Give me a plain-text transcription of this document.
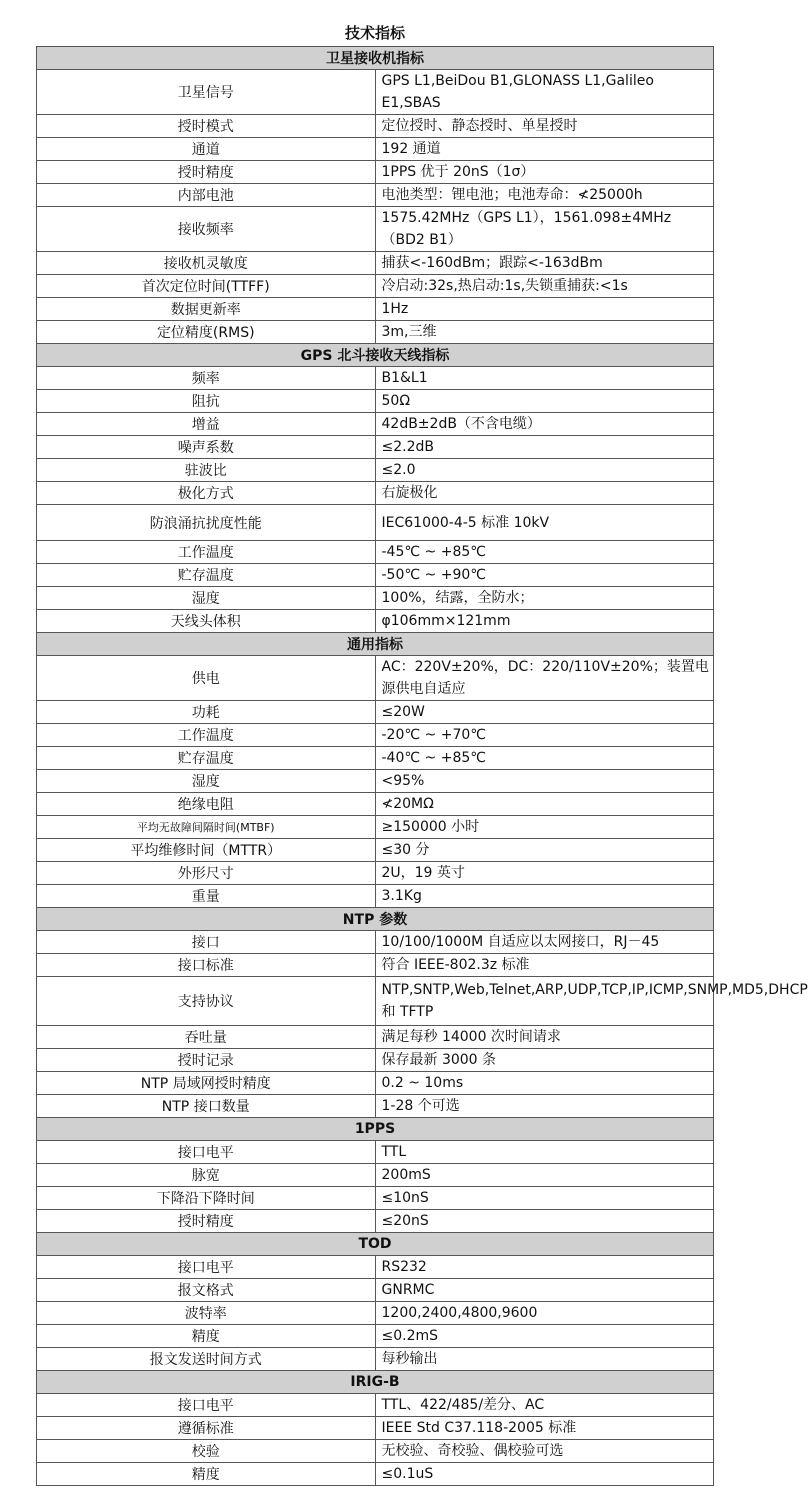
技术指标
卫星接收机指标	
卫星信号	GPS L1,BeiDou B1,GLONASS L1,Galileo E1,SBAS
授时模式	定位授时、静态授时、单星授时
通道	192 通道
授时精度	1PPS 优于 20nS（1σ）
内部电池	电池类型：锂电池；电池寿命：≮25000h
接收频率	1575.42MHz（GPS L1），1561.098±4MHz（BD2 B1）
接收机灵敏度	捕获<-160dBm；跟踪<-163dBm
首次定位时间(TTFF)	冷启动:32s,热启动:1s,失锁重捕获:<1s
数据更新率	1Hz
定位精度(RMS)	3m,三维
GPS 北斗接收天线指标	
频率	B1&L1
阻抗	50Ω
增益	42dB±2dB（不含电缆）
噪声系数	≤2.2dB
驻波比	≤2.0
极化方式	右旋极化
防浪涌抗扰度性能	IEC61000-4-5 标准 10kV
工作温度	-45℃ ~ +85℃
贮存温度	-50℃ ~ +90℃
湿度	100%，结露，全防水；
天线头体积	φ106mm×121mm
通用指标	
供电	AC：220V±20%，DC：220/110V±20%；装置电源供电自适应
功耗	≤20W
工作温度	-20℃ ~ +70℃
贮存温度	-40℃ ~ +85℃
湿度	<95%
绝缘电阻	≮20MΩ
平均无故障间隔时间(MTBF)	≥150000 小时
平均维修时间（MTTR）	≤30 分
外形尺寸	2U，19 英寸
重量	3.1Kg
NTP 参数	
接口	10/100/1000M 自适应以太网接口，RJ－45
接口标准	符合 IEEE-802.3z 标准
支持协议	NTP,SNTP,Web,Telnet,ARP,UDP,TCP,IP,ICMP,SNMP,MD5,DHCP 和 TFTP
吞吐量	满足每秒 14000 次时间请求
授时记录	保存最新 3000 条
NTP 局域网授时精度	0.2 ~ 10ms
NTP 接口数量	1-28 个可选
1PPS	
接口电平	TTL
脉宽	200mS
下降沿下降时间	≤10nS
授时精度	≤20nS
TOD	
接口电平	RS232
报文格式	GNRMC
波特率	1200,2400,4800,9600
精度	≤0.2mS
报文发送时间方式	每秒输出
IRIG-B	
接口电平	TTL、422/485/差分、AC
遵循标准	IEEE Std C37.118-2005 标准
校验	无校验、奇校验、偶校验可选
精度	≤0.1uS
